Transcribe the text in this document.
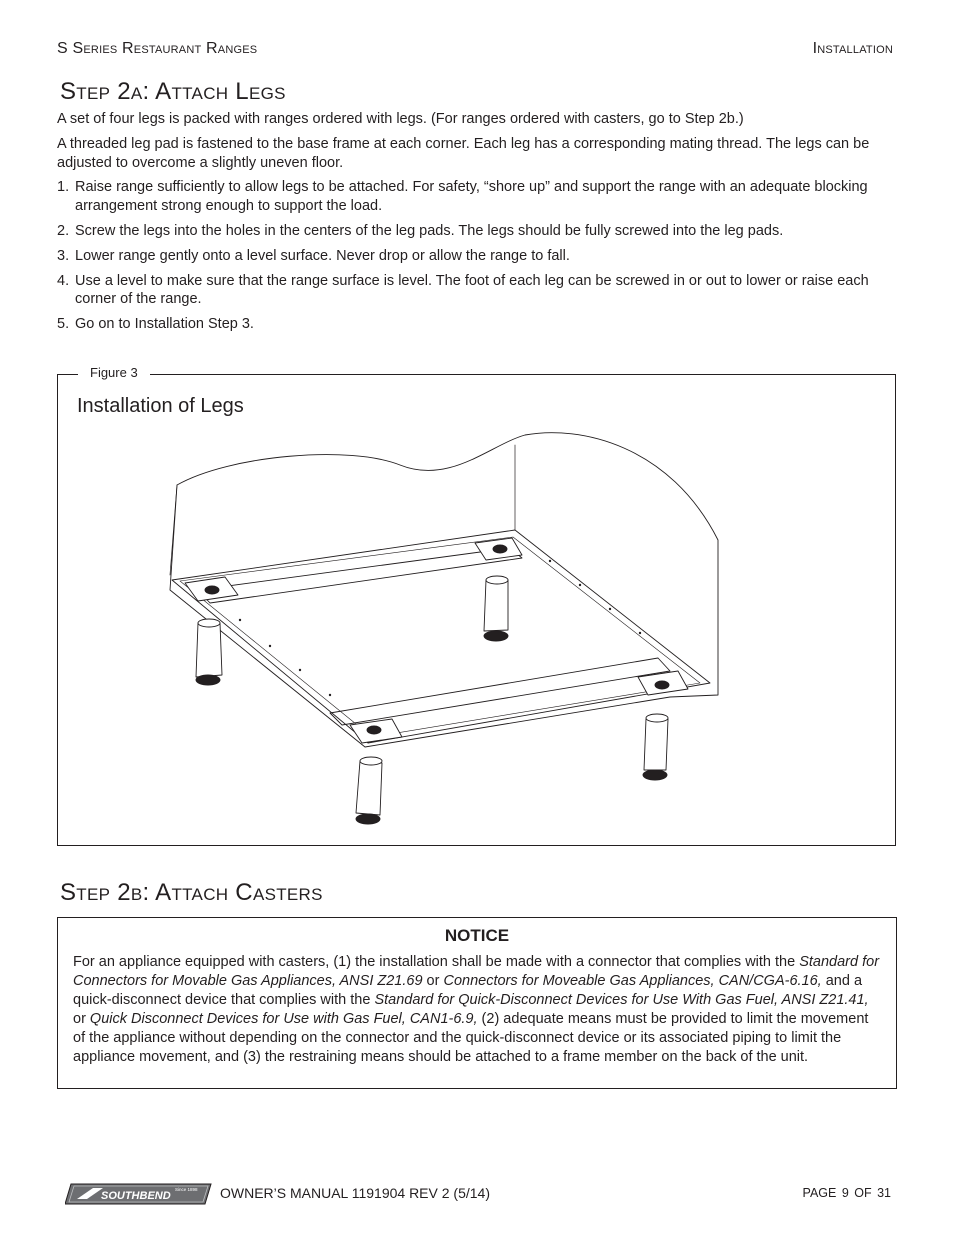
S Series Restaurant Ranges	Installation
Step 2a: Attach Legs
A set of four legs is packed with ranges ordered with legs. (For ranges ordered with casters, go to Step 2b.)
A threaded leg pad is fastened to the base frame at each corner. Each leg has a corresponding mating thread. The legs can be adjusted to overcome a slightly uneven floor.
1. Raise range sufficiently to allow legs to be attached. For safety, “shore up” and support the range with an adequate blocking arrangement strong enough to support the load.
2. Screw the legs into the holes in the centers of the leg pads. The legs should be fully screwed into the leg pads.
3. Lower range gently onto a level surface. Never drop or allow the range to fall.
4. Use a level to make sure that the range surface is level. The foot of each leg can be screwed in or out to lower or raise each corner of the range.
5. Go on to Installation Step 3.
Figure 3
Installation of Legs
Step 2b: Attach Casters
NOTICE
For an appliance equipped with casters, (1) the installation shall be made with a connector that complies with the Standard for Connectors for Movable Gas Appliances, ANSI Z21.69 or Connectors for Moveable Gas Appliances, CAN/CGA-6.16, and a quick-disconnect device that complies with the Standard for Quick-Disconnect Devices for Use With Gas Fuel, ANSI Z21.41, or Quick Disconnect Devices for Use with Gas Fuel, CAN1-6.9, (2) adequate means must be provided to limit the movement of the appliance without depending on the connector and the quick-disconnect device or its associated piping to limit the appliance movement, and (3) the restraining means should be attached to a frame member on the back of the unit.
SOUTHBEND
Since 1898 OWNER’S MANUAL 1191904 REV 2 (5/14)	PAGE 9 OF 31
